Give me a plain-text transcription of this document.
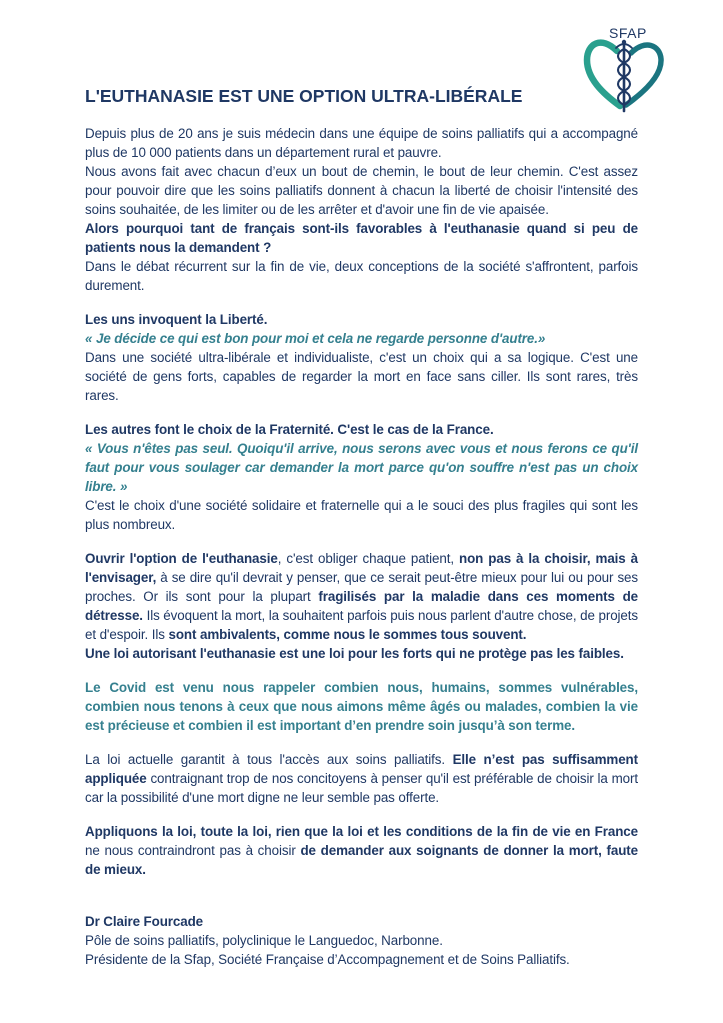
SFAP
L'EUTHANASIE EST UNE OPTION ULTRA-LIBÉRALE

Depuis plus de 20 ans je suis médecin dans une équipe de soins palliatifs qui a accompagné plus de 10 000 patients dans un département rural et pauvre.

Nous avons fait avec chacun d’eux un bout de chemin, le bout de leur chemin. C'est assez pour pouvoir dire que les soins palliatifs donnent à chacun la liberté de choisir l'intensité des soins souhaitée, de les limiter ou de les arrêter et d'avoir une fin de vie apaisée.

Alors pourquoi tant de français sont-ils favorables à l'euthanasie quand si peu de patients nous la demandent ?

Dans le débat récurrent sur la fin de vie, deux conceptions de la société s'affrontent, parfois durement.

Les uns invoquent la Liberté.

« Je décide ce qui est bon pour moi et cela ne regarde personne d'autre.»

Dans une société ultra-libérale et individualiste, c'est un choix qui a sa logique. C'est une société de gens forts, capables de regarder la mort en face sans ciller. Ils sont rares, très rares.

Les autres font le choix de la Fraternité. C'est le cas de la France.

« Vous n'êtes pas seul. Quoiqu'il arrive, nous serons avec vous et nous ferons ce qu'il faut pour vous soulager car demander la mort parce qu'on souffre n'est pas un choix libre. »

C'est le choix d'une société solidaire et fraternelle qui a le souci des plus fragiles qui sont les plus nombreux.

Ouvrir l'option de l'euthanasie, c'est obliger chaque patient, non pas à la choisir, mais à l'envisager, à se dire qu'il devrait y penser, que ce serait peut-être mieux pour lui ou pour ses proches. Or ils sont pour la plupart fragilisés par la maladie dans ces moments de détresse. Ils évoquent la mort, la souhaitent parfois puis nous parlent d'autre chose, de projets et d'espoir. Ils sont ambivalents, comme nous le sommes tous souvent.

Une loi autorisant l'euthanasie est une loi pour les forts qui ne protège pas les faibles.

Le Covid est venu nous rappeler combien nous, humains, sommes vulnérables, combien nous tenons à ceux que nous aimons même âgés ou malades, combien la vie est précieuse et combien il est important d’en prendre soin jusqu’à son terme.

La loi actuelle garantit à tous l'accès aux soins palliatifs. Elle n’est pas suffisamment appliquée contraignant trop de nos concitoyens à penser qu'il est préférable de choisir la mort car la possibilité d'une mort digne ne leur semble pas offerte.

Appliquons la loi, toute la loi, rien que la loi et les conditions de la fin de vie en France ne nous contraindront pas à choisir de demander aux soignants de donner la mort, faute de mieux.

Dr Claire Fourcade

Pôle de soins palliatifs, polyclinique le Languedoc, Narbonne.

Présidente de la Sfap, Société Française d’Accompagnement et de Soins Palliatifs.
